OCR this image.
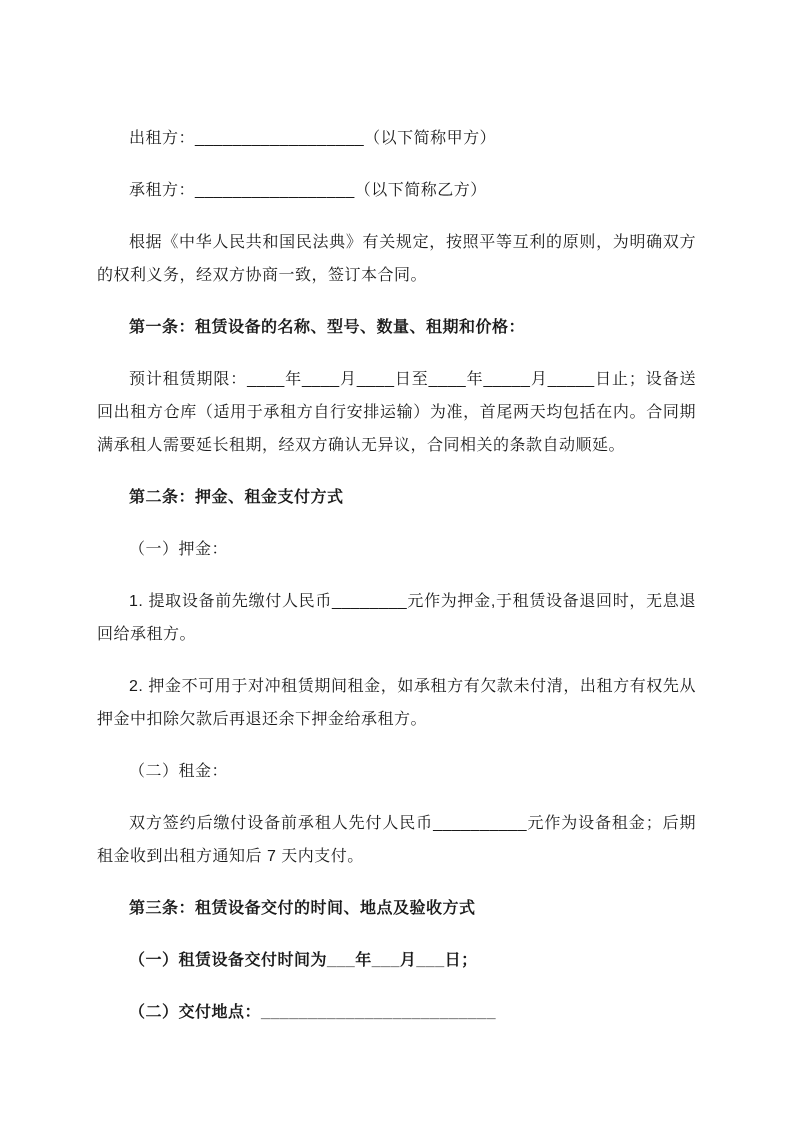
出租方：__________________（以下简称甲方）

承租方：_________________（以下简称乙方）

根据《中华人民共和国民法典》有关规定，按照平等互利的原则，为明确双方的权利义务，经双方协商一致，签订本合同。

第一条：租赁设备的名称、型号、数量、租期和价格：

预计租赁期限：____年____月____日至____年_____月_____日止；设备送回出租方仓库（适用于承租方自行安排运输）为准，首尾两天均包括在内。合同期满承租人需要延长租期，经双方确认无异议，合同相关的条款自动顺延。

第二条：押金、租金支付方式

（一）押金：

1. 提取设备前先缴付人民币________元作为押金,于租赁设备退回时，无息退回给承租方。

2. 押金不可用于对冲租赁期间租金，如承租方有欠款未付清，出租方有权先从押金中扣除欠款后再退还余下押金给承租方。

（二）租金：

双方签约后缴付设备前承租人先付人民币__________元作为设备租金；后期租金收到出租方通知后 7 天内支付。

第三条：租赁设备交付的时间、地点及验收方式

（一）租赁设备交付时间为___年___月___日；

（二）交付地点：_________________________
